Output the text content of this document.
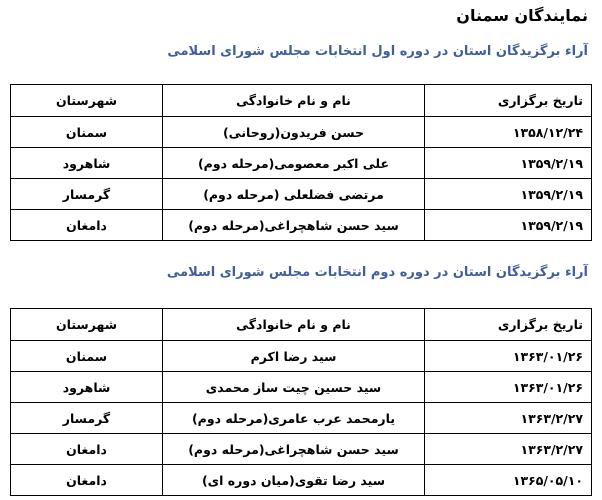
نمایندگان سمنان
آراء برگزیدگان استان در دوره اول انتخابات مجلس شورای اسلامی
تاریخ برگزاری	نام و نام خانوادگی	شهرستان
۱۳۵۸/۱۲/۲۴	حسن فریدون(روحانی)	سمنان
۱۳۵۹/۲/۱۹	علی اکبر معصومی(مرحله دوم)	شاهرود
۱۳۵۹/۲/۱۹	مرتضی فضلعلی (مرحله دوم)	گرمسار
۱۳۵۹/۲/۱۹	سید حسن شاهچراغی(مرحله دوم)	دامغان
آراء برگزیدگان استان در دوره دوم انتخابات مجلس شورای اسلامی
تاریخ برگزاری	نام و نام خانوادگی	شهرستان
۱۳۶۳/۰۱/۲۶	سید رضا اکرم	سمنان
۱۳۶۳/۰۱/۲۶	سید حسین چیت ساز محمدی	شاهرود
۱۳۶۳/۲/۲۷	یارمحمد عرب عامری(مرحله دوم)	گرمسار
۱۳۶۳/۲/۲۷	سید حسن شاهچراغی(مرحله دوم)	دامغان
۱۳۶۵/۰۵/۱۰	سید رضا تقوی(میان دوره ای)	دامغان
